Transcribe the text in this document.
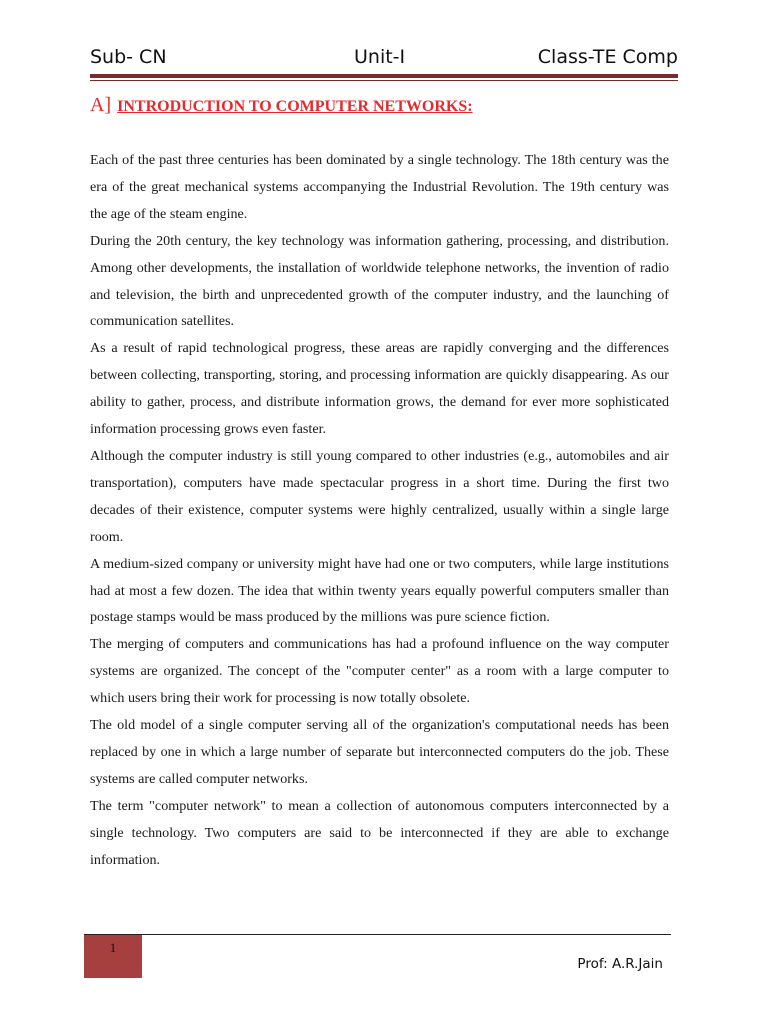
Sub- CN	Unit-I	Class-TE Comp
A] INTRODUCTION TO COMPUTER NETWORKS:

Each of the past three centuries has been dominated by a single technology. The 18th century was the era of the great mechanical systems accompanying the Industrial Revolution. The 19th century was the age of the steam engine.

During the 20th century, the key technology was information gathering, processing, and distribution. Among other developments, the installation of worldwide telephone networks, the invention of radio and television, the birth and unprecedented growth of the computer industry, and the launching of communication satellites.

As a result of rapid technological progress, these areas are rapidly converging and the differences between collecting, transporting, storing, and processing information are quickly disappearing. As our ability to gather, process, and distribute information grows, the demand for ever more sophisticated information processing grows even faster.

Although the computer industry is still young compared to other industries (e.g., automobiles and air transportation), computers have made spectacular progress in a short time. During the first two decades of their existence, computer systems were highly centralized, usually within a single large room.

A medium-sized company or university might have had one or two computers, while large institutions had at most a few dozen. The idea that within twenty years equally powerful computers smaller than postage stamps would be mass produced by the millions was pure science fiction.

The merging of computers and communications has had a profound influence on the way computer systems are organized. The concept of the "computer center" as a room with a large computer to which users bring their work for processing is now totally obsolete.

The old model of a single computer serving all of the organization's computational needs has been replaced by one in which a large number of separate but interconnected computers do the job. These systems are called computer networks.

The term "computer network" to mean a collection of autonomous computers interconnected by a single technology. Two computers are said to be interconnected if they are able to exchange information.

1
Prof: A.R.Jain
